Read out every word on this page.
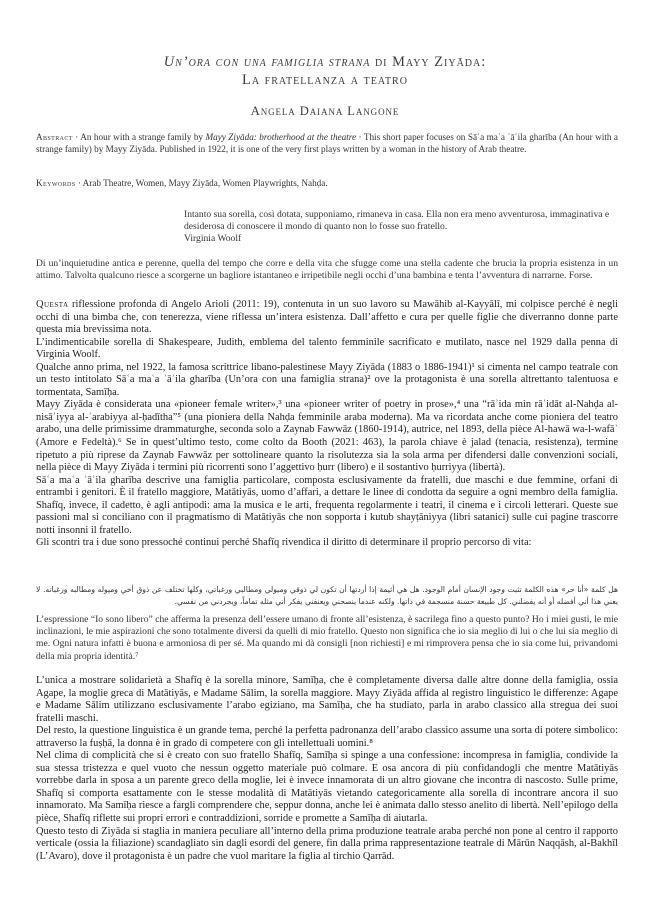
Un’ora con una famiglia strana di Mayy Ziyāda:
La fratellanza a teatro
Angela Daiana Langone
Abstract · An hour with a strange family by Mayy Ziyāda: brotherhood at the theatre · This short paper focuses on Sāʿa maʿa ʾāʾila gharība (An hour with a strange family) by Mayy Ziyāda. Published in 1922, it is one of the very first plays written by a woman in the history of Arab theatre.
Keywords · Arab Theatre, Women, Mayy Ziyāda, Women Playwrights, Nahḍa.
Intanto sua sorella, così dotata, supponiamo, rimaneva in casa. Ella non era meno avventurosa, immaginativa e desiderosa di conoscere il mondo di quanto non lo fosse suo fratello.
Virginia Woolf
Di un’inquietudine antica e perenne, quella del tempo che corre e della vita che sfugge come una stella cadente che brucia la propria esistenza in un attimo. Talvolta qualcuno riesce a scorgerne un bagliore istantaneo e irripetibile negli occhi d’una bambina e tenta l’avventura di narrarne. Forse.

Questa riflessione profonda di Angelo Arioli (2011: 19), contenuta in un suo lavoro su Mawāhib al-Kayyālī, mi colpisce perché è negli occhi di una bimba che, con tenerezza, viene riflessa un’intera esistenza. Dall’affetto e cura per quelle figlie che diverranno donne parte questa mia brevissima nota.

L’indimenticabile sorella di Shakespeare, Judith, emblema del talento femminile sacrificato e mutilato, nasce nel 1929 dalla penna di Virginia Woolf.

Qualche anno prima, nel 1922, la famosa scrittrice libano-palestinese Mayy Ziyāda (1883 o 1886-1941)¹ si cimenta nel campo teatrale con un testo intitolato Sāʿa maʿa ʾāʾila gharība (Un’ora con una famiglia strana)² ove la protagonista è una sorella altrettanto talentuosa e tormentata, Samīḥa.

Mayy Ziyāda è considerata una «pioneer female writer»,³ una «pioneer writer of poetry in prose»,⁴ una “rāʾida min rāʾidāt al-Nahḍa al-nisāʾiyya al-ʿarabiyya al-ḥadītha”⁵ (una pioniera della Nahḍa femminile araba moderna). Ma va ricordata anche come pioniera del teatro arabo, una delle primissime drammaturghe, seconda solo a Zaynab Fawwāz (1860-1914), autrice, nel 1893, della pièce Al-hawā wa-l-wafāʾ (Amore e Fedeltà).⁶ Se in quest’ultimo testo, come colto da Booth (2021: 463), la parola chiave è jalad (tenacia, resistenza), termine ripetuto a più riprese da Zaynab Fawwāz per sottolineare quanto la risolutezza sia la sola arma per difendersi dalle convenzioni sociali, nella pièce di Mayy Ziyāda i termini più ricorrenti sono l’aggettivo ḥurr (libero) e il sostantivo ḥurriyya (libertà).

Sāʿa maʿa ʾāʾila gharība descrive una famiglia particolare, composta esclusivamente da fratelli, due maschi e due femmine, orfani di entrambi i genitori. È il fratello maggiore, Matātiyās, uomo d’affari, a dettare le linee di condotta da seguire a ogni membro della famiglia. Shafīq, invece, il cadetto, è agli antipodi: ama la musica e le arti, frequenta regolarmente i teatri, il cinema e i circoli letterari. Queste sue passioni mal si conciliano con il pragmatismo di Matātiyās che non sopporta i kutub shayṭāniyya (libri satanici) sulle cui pagine trascorre notti insonni il fratello.

Gli scontri tra i due sono pressoché continui perché Shafīq rivendica il diritto di determinare il proprio percorso di vita:

هل كلمة «أنا حر» هذه الكلمة تثبت وجود الإنسان أمام الوجود. هل هي أثيمة إذا أردتها أن تكون لي ذوقي وميولي ومطالبي ورغباتي، وكلها تختلف عن ذوق أخي وميوله ومطالبه ورغباته. لا يعني هذا أني أفضله أو أنه يفضلني. كل طبيعة حسنة منسجمة في ذاتها. ولكنه عندما ينصحني ويعنفني يفكر أني مثله تماماً، ويجردني من نفسي.
L’espressione “Io sono libero” che afferma la presenza dell’essere umano di fronte all’esistenza, è sacrilega fino a questo punto? Ho i miei gusti, le mie inclinazioni, le mie aspirazioni che sono totalmente diversi da quelli di mio fratello. Questo non significa che io sia meglio di lui o che lui sia meglio di me. Ogni natura infatti è buona e armoniosa di per sé. Ma quando mi dà consigli [non richiesti] e mi rimprovera pensa che io sia come lui, privandomi della mia propria identità.⁷

L’unica a mostrare solidarietà a Shafīq è la sorella minore, Samīḥa, che è completamente diversa dalle altre donne della famiglia, ossia Agape, la moglie greca di Matātiyās, e Madame Sālim, la sorella maggiore. Mayy Ziyāda affida al registro linguistico le differenze: Agape e Madame Sālim utilizzano esclusivamente l’arabo egiziano, ma Samīḥa, che ha studiato, parla in arabo classico alla stregua dei suoi fratelli maschi.

Del resto, la questione linguistica è un grande tema, perché la perfetta padronanza dell’arabo classico assume una sorta di potere simbolico: attraverso la fuṣḥā, la donna è in grado di competere con gli intellettuali uomini.⁸

Nel clima di complicità che si è creato con suo fratello Shafīq, Samīḥa si spinge a una confessione: incompresa in famiglia, condivide la sua stessa tristezza e quel vuoto che nessun oggetto materiale può colmare. E osa ancora di più confidandogli che mentre Matātiyās vorrebbe darla in sposa a un parente greco della moglie, lei è invece innamorata di un altro giovane che incontra di nascosto. Sulle prime, Shafīq si comporta esattamente con le stesse modalità di Matātiyās vietando categoricamente alla sorella di incontrare ancora il suo innamorato. Ma Samīḥa riesce a fargli comprendere che, seppur donna, anche lei è animata dallo stesso anelito di libertà. Nell’epilogo della pièce, Shafīq riflette sui propri errori e contraddizioni, sorride e promette a Samīḥa di aiutarla.

Questo testo di Ziyāda si staglia in maniera peculiare all’interno della prima produzione teatrale araba perché non pone al centro il rapporto verticale (ossia la filiazione) scandagliato sin dagli esordi del genere, fin dalla prima rappresentazione teatrale di Mārūn Naqqāsh, al-Bakhīl (L’Avaro), dove il protagonista è un padre che vuol maritare la figlia al tirchio Qarrād.
